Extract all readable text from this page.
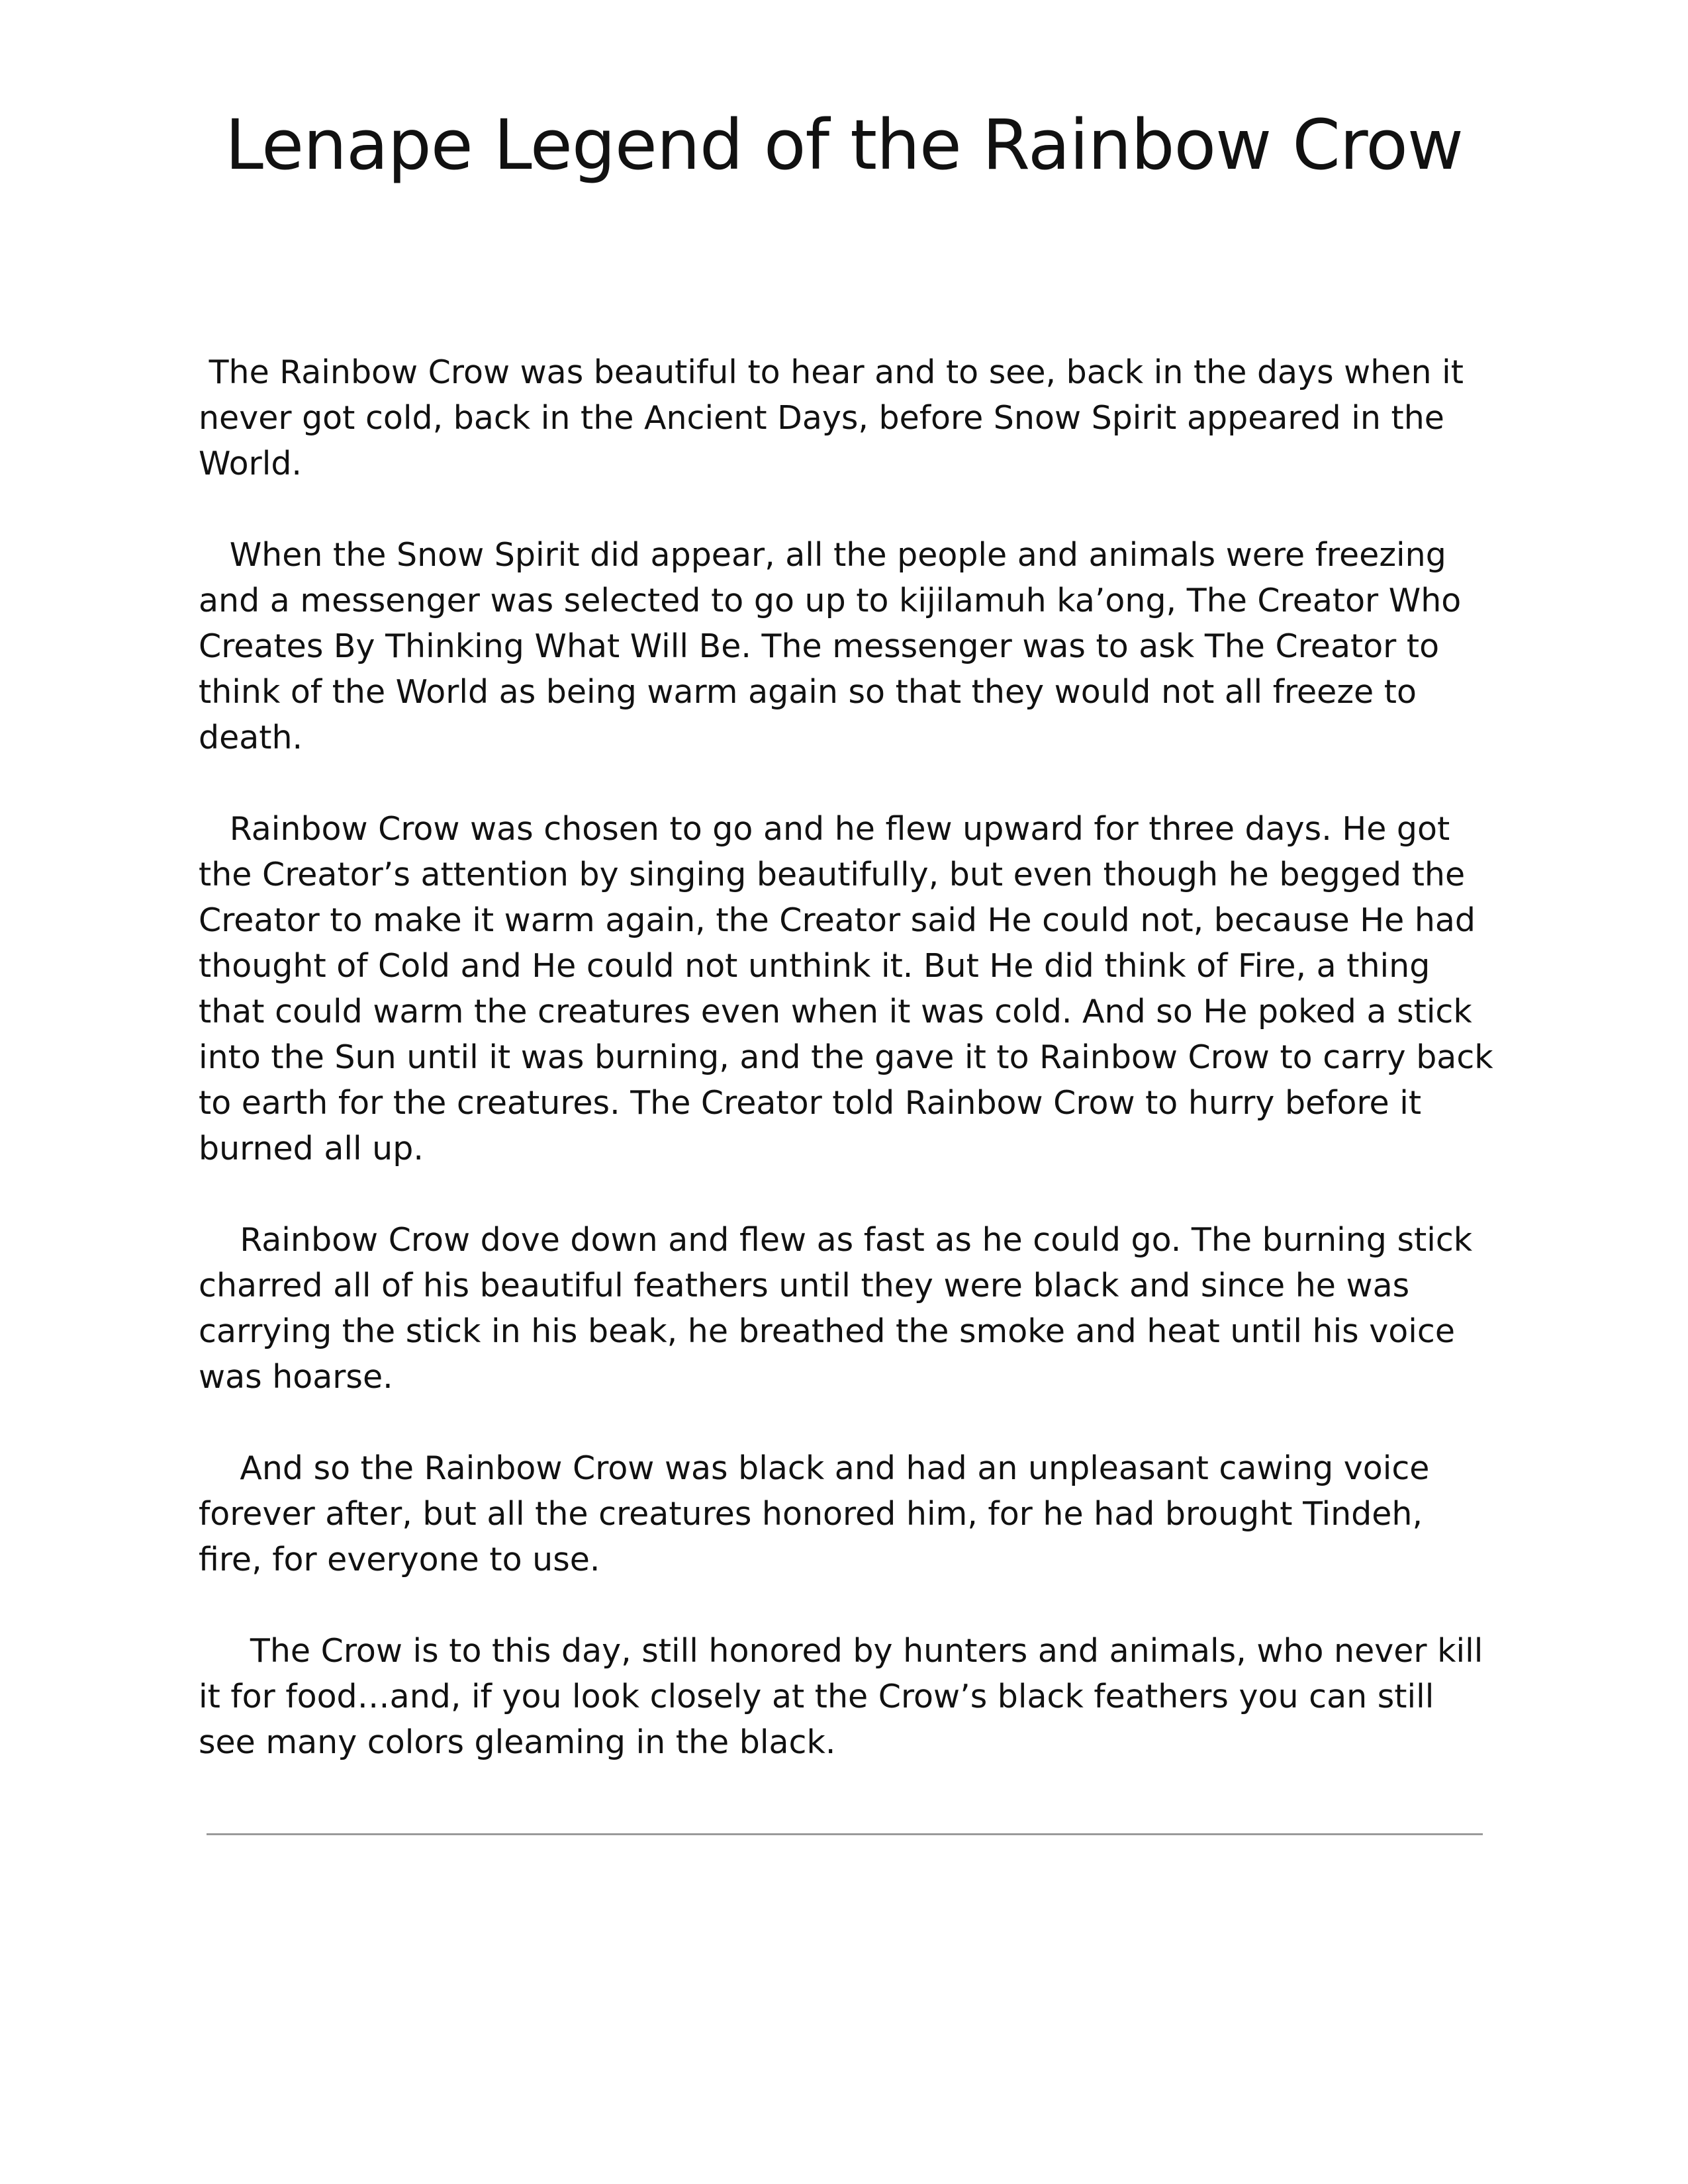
Lenape Legend of the Rainbow Crow

The Rainbow Crow was beautiful to hear and to see, back in the days when it never got cold, back in the Ancient Days, before Snow Spirit appeared in the World.

When the Snow Spirit did appear, all the people and animals were freezing and a messenger was selected to go up to kijilamuh ka’ong, The Creator Who Creates By Thinking What Will Be. The messenger was to ask The Creator to think of the World as being warm again so that they would not all freeze to death.

Rainbow Crow was chosen to go and he flew upward for three days. He got the Creator’s attention by singing beautifully, but even though he begged the Creator to make it warm again, the Creator said He could not, because He had thought of Cold and He could not unthink it. But He did think of Fire, a thing that could warm the creatures even when it was cold. And so He poked a stick into the Sun until it was burning, and the gave it to Rainbow Crow to carry back to earth for the creatures. The Creator told Rainbow Crow to hurry before it burned all up.

Rainbow Crow dove down and flew as fast as he could go. The burning stick charred all of his beautiful feathers until they were black and since he was carrying the stick in his beak, he breathed the smoke and heat until his voice was hoarse.

And so the Rainbow Crow was black and had an unpleasant cawing voice forever after, but all the creatures honored him, for he had brought Tindeh, fire, for everyone to use.

The Crow is to this day, still honored by hunters and animals, who never kill it for food…and, if you look closely at the Crow’s black feathers you can still see many colors gleaming in the black.
